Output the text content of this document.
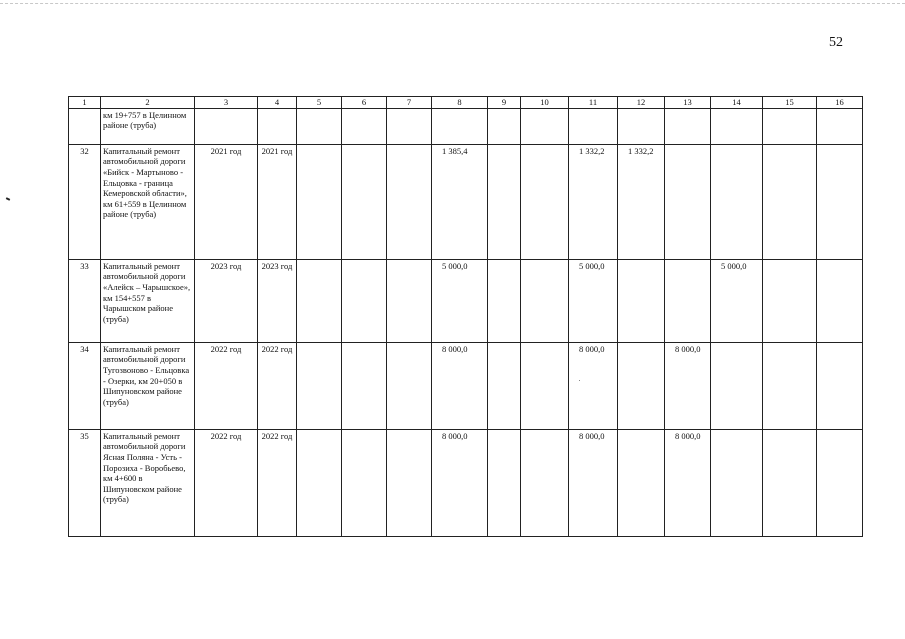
52
1	2	3	4	5	6	7	8	9	10	11	12	13	14	15	16
	км 19+757 в Целинном районе (труба)														
32	Капитальный ремонт автомобильной дороги «Бийск - Мартыново - Ельцовка - граница Кемеровской области», км 61+559 в Целинном районе (труба)	2021 год	2021 год				1 385,4			1 332,2	1 332,2				
33	Капитальный ремонт автомобильной дороги «Алейск – Чарышское», км 154+557 в Чарышском районе (труба)	2023 год	2023 год				5 000,0			5 000,0			5 000,0		
34	Капитальный ремонт автомобильной дороги Тугозвоново - Ельцовка - Озерки, км 20+050 в Шипуновском районе (труба)	2022 год	2022 год				8 000,0			8 000,0		8 000,0			
35	Капитальный ремонт автомобильной дороги Ясная Поляна - Усть - Порозиха - Воробьево, км 4+600 в Шипуновском районе (труба)	2022 год	2022 год				8 000,0			8 000,0		8 000,0			
